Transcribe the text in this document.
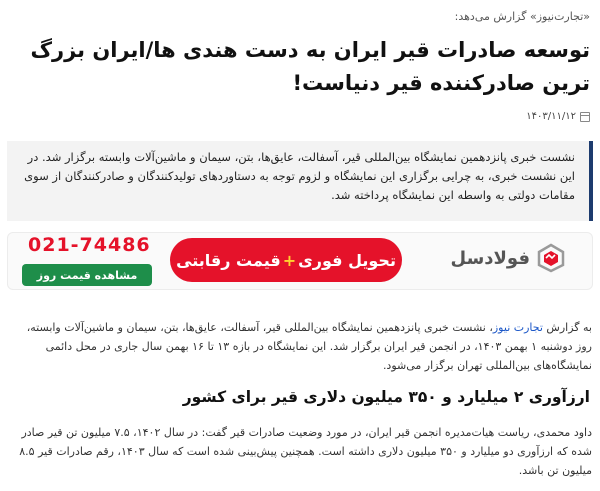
«تجارت‌نیوز» گزارش می‌دهد:
توسعه صادرات قیر ایران به دست هندی ها/ایران بزرگ ترین صادرکننده قیر دنیاست!
۱۴۰۳/۱۱/۱۲
نشست خبری پانزدهمین نمایشگاه بین‌المللی قیر، آسفالت، عایق‌ها، بتن، سیمان و ماشین‌آلات وابسته برگزار شد. در این نشست خبری، به چرایی برگزاری این نمایشگاه و لزوم توجه به دستاوردهای تولیدکنندگان و صادرکنندگان از سوی مقامات دولتی به واسطه این نمایشگاه پرداخته شد.
فولادسل
تحویل فوری
+
قیمت رقابتی
021-74486
مشاهده قیمت روز

به گزارش تجارت نیوز، نشست خبری پانزدهمین نمایشگاه بین‌المللی قیر، آسفالت، عایق‌ها، بتن، سیمان و ماشین‌آلات وابسته، روز دوشنبه ۱ بهمن ۱۴۰۳، در انجمن قیر ایران برگزار شد. این نمایشگاه در بازه ۱۳ تا ۱۶ بهمن سال جاری در محل دائمی نمایشگاه‌های بین‌المللی تهران برگزار می‌شود.

ارزآوری ۲ میلیارد و ۳۵۰ میلیون دلاری قیر برای کشور

داود محمدی، ریاست هیات‌مدیره انجمن قیر ایران، در مورد وضعیت صادرات قیر گفت: در سال ۱۴۰۲، ۷.۵ میلیون تن قیر صادر شده که ارزآوری دو میلیارد و ۳۵۰ میلیون دلاری داشته است. همچنین پیش‌بینی شده است که سال ۱۴۰۳، رقم صادرات قیر ۸.۵ میلیون تن باشد.
